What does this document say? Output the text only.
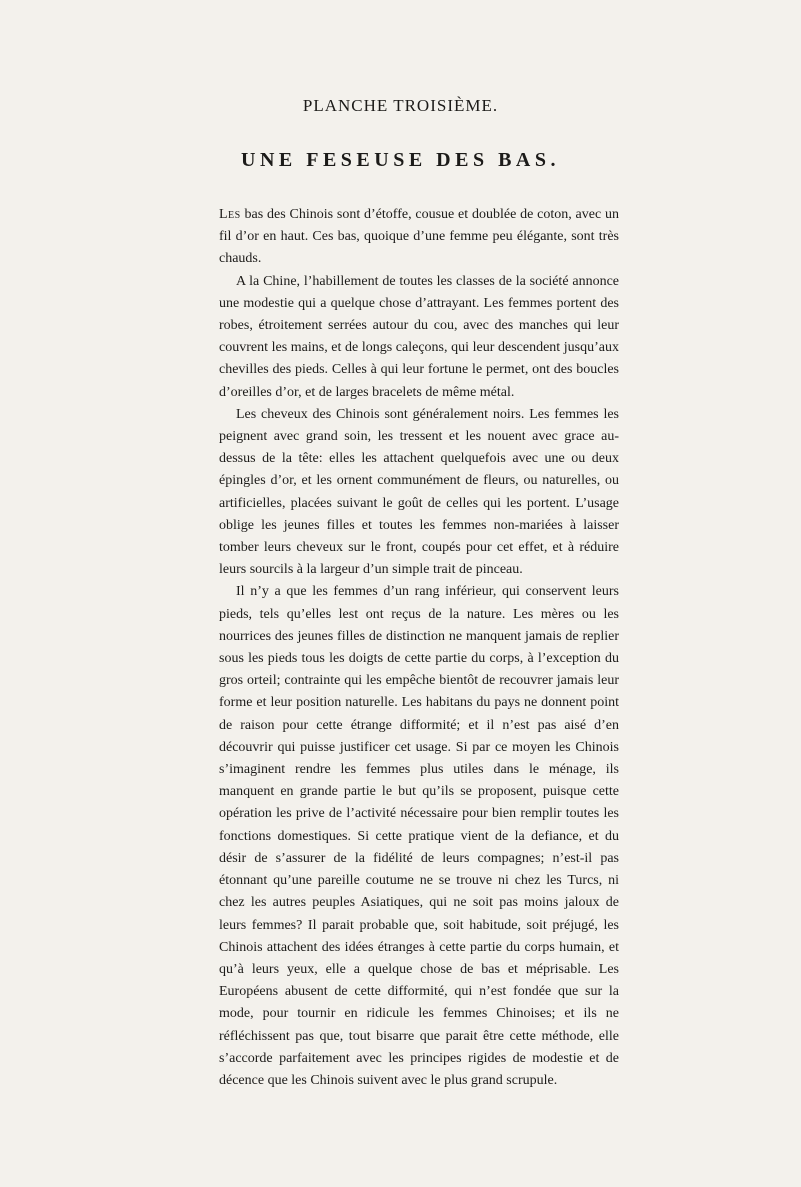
PLANCHE TROISIÈME.
UNE FESEUSE DES BAS.

Les bas des Chinois sont d’étoffe, cousue et doublée de coton, avec un fil d’or en haut. Ces bas, quoique d’une femme peu élégante, sont très chauds.

A la Chine, l’habillement de toutes les classes de la société annonce une modestie qui a quelque chose d’attrayant. Les femmes portent des robes, étroitement serrées autour du cou, avec des manches qui leur couvrent les mains, et de longs caleçons, qui leur descendent jusqu’aux chevilles des pieds. Celles à qui leur fortune le permet, ont des boucles d’oreilles d’or, et de larges bracelets de même métal.

Les cheveux des Chinois sont généralement noirs. Les femmes les peignent avec grand soin, les tressent et les nouent avec grace au-dessus de la tête: elles les attachent quelquefois avec une ou deux épingles d’or, et les ornent communément de fleurs, ou naturelles, ou artificielles, placées suivant le goût de celles qui les portent. L’usage oblige les jeunes filles et toutes les femmes non-mariées à laisser tomber leurs cheveux sur le front, coupés pour cet effet, et à réduire leurs sourcils à la largeur d’un simple trait de pinceau.

Il n’y a que les femmes d’un rang inférieur, qui conservent leurs pieds, tels qu’elles lest ont reçus de la nature. Les mères ou les nourrices des jeunes filles de distinction ne manquent jamais de replier sous les pieds tous les doigts de cette partie du corps, à l’exception du gros orteil; contrainte qui les empêche bientôt de recouvrer jamais leur forme et leur position naturelle. Les habitans du pays ne donnent point de raison pour cette étrange difformité; et il n’est pas aisé d’en découvrir qui puisse justificer cet usage. Si par ce moyen les Chinois s’imaginent rendre les femmes plus utiles dans le ménage, ils manquent en grande partie le but qu’ils se proposent, puisque cette opération les prive de l’activité nécessaire pour bien remplir toutes les fonctions domestiques. Si cette pratique vient de la defiance, et du désir de s’assurer de la fidélité de leurs compagnes; n’est-il pas étonnant qu’une pareille coutume ne se trouve ni chez les Turcs, ni chez les autres peuples Asiatiques, qui ne soit pas moins jaloux de leurs femmes? Il parait probable que, soit habitude, soit préjugé, les Chinois attachent des idées étranges à cette partie du corps humain, et qu’à leurs yeux, elle a quelque chose de bas et méprisable. Les Européens abusent de cette difformité, qui n’est fondée que sur la mode, pour tournir en ridicule les femmes Chinoises; et ils ne réfléchissent pas que, tout bisarre que parait être cette méthode, elle s’accorde parfaitement avec les principes rigides de modestie et de décence que les Chinois suivent avec le plus grand scrupule.
